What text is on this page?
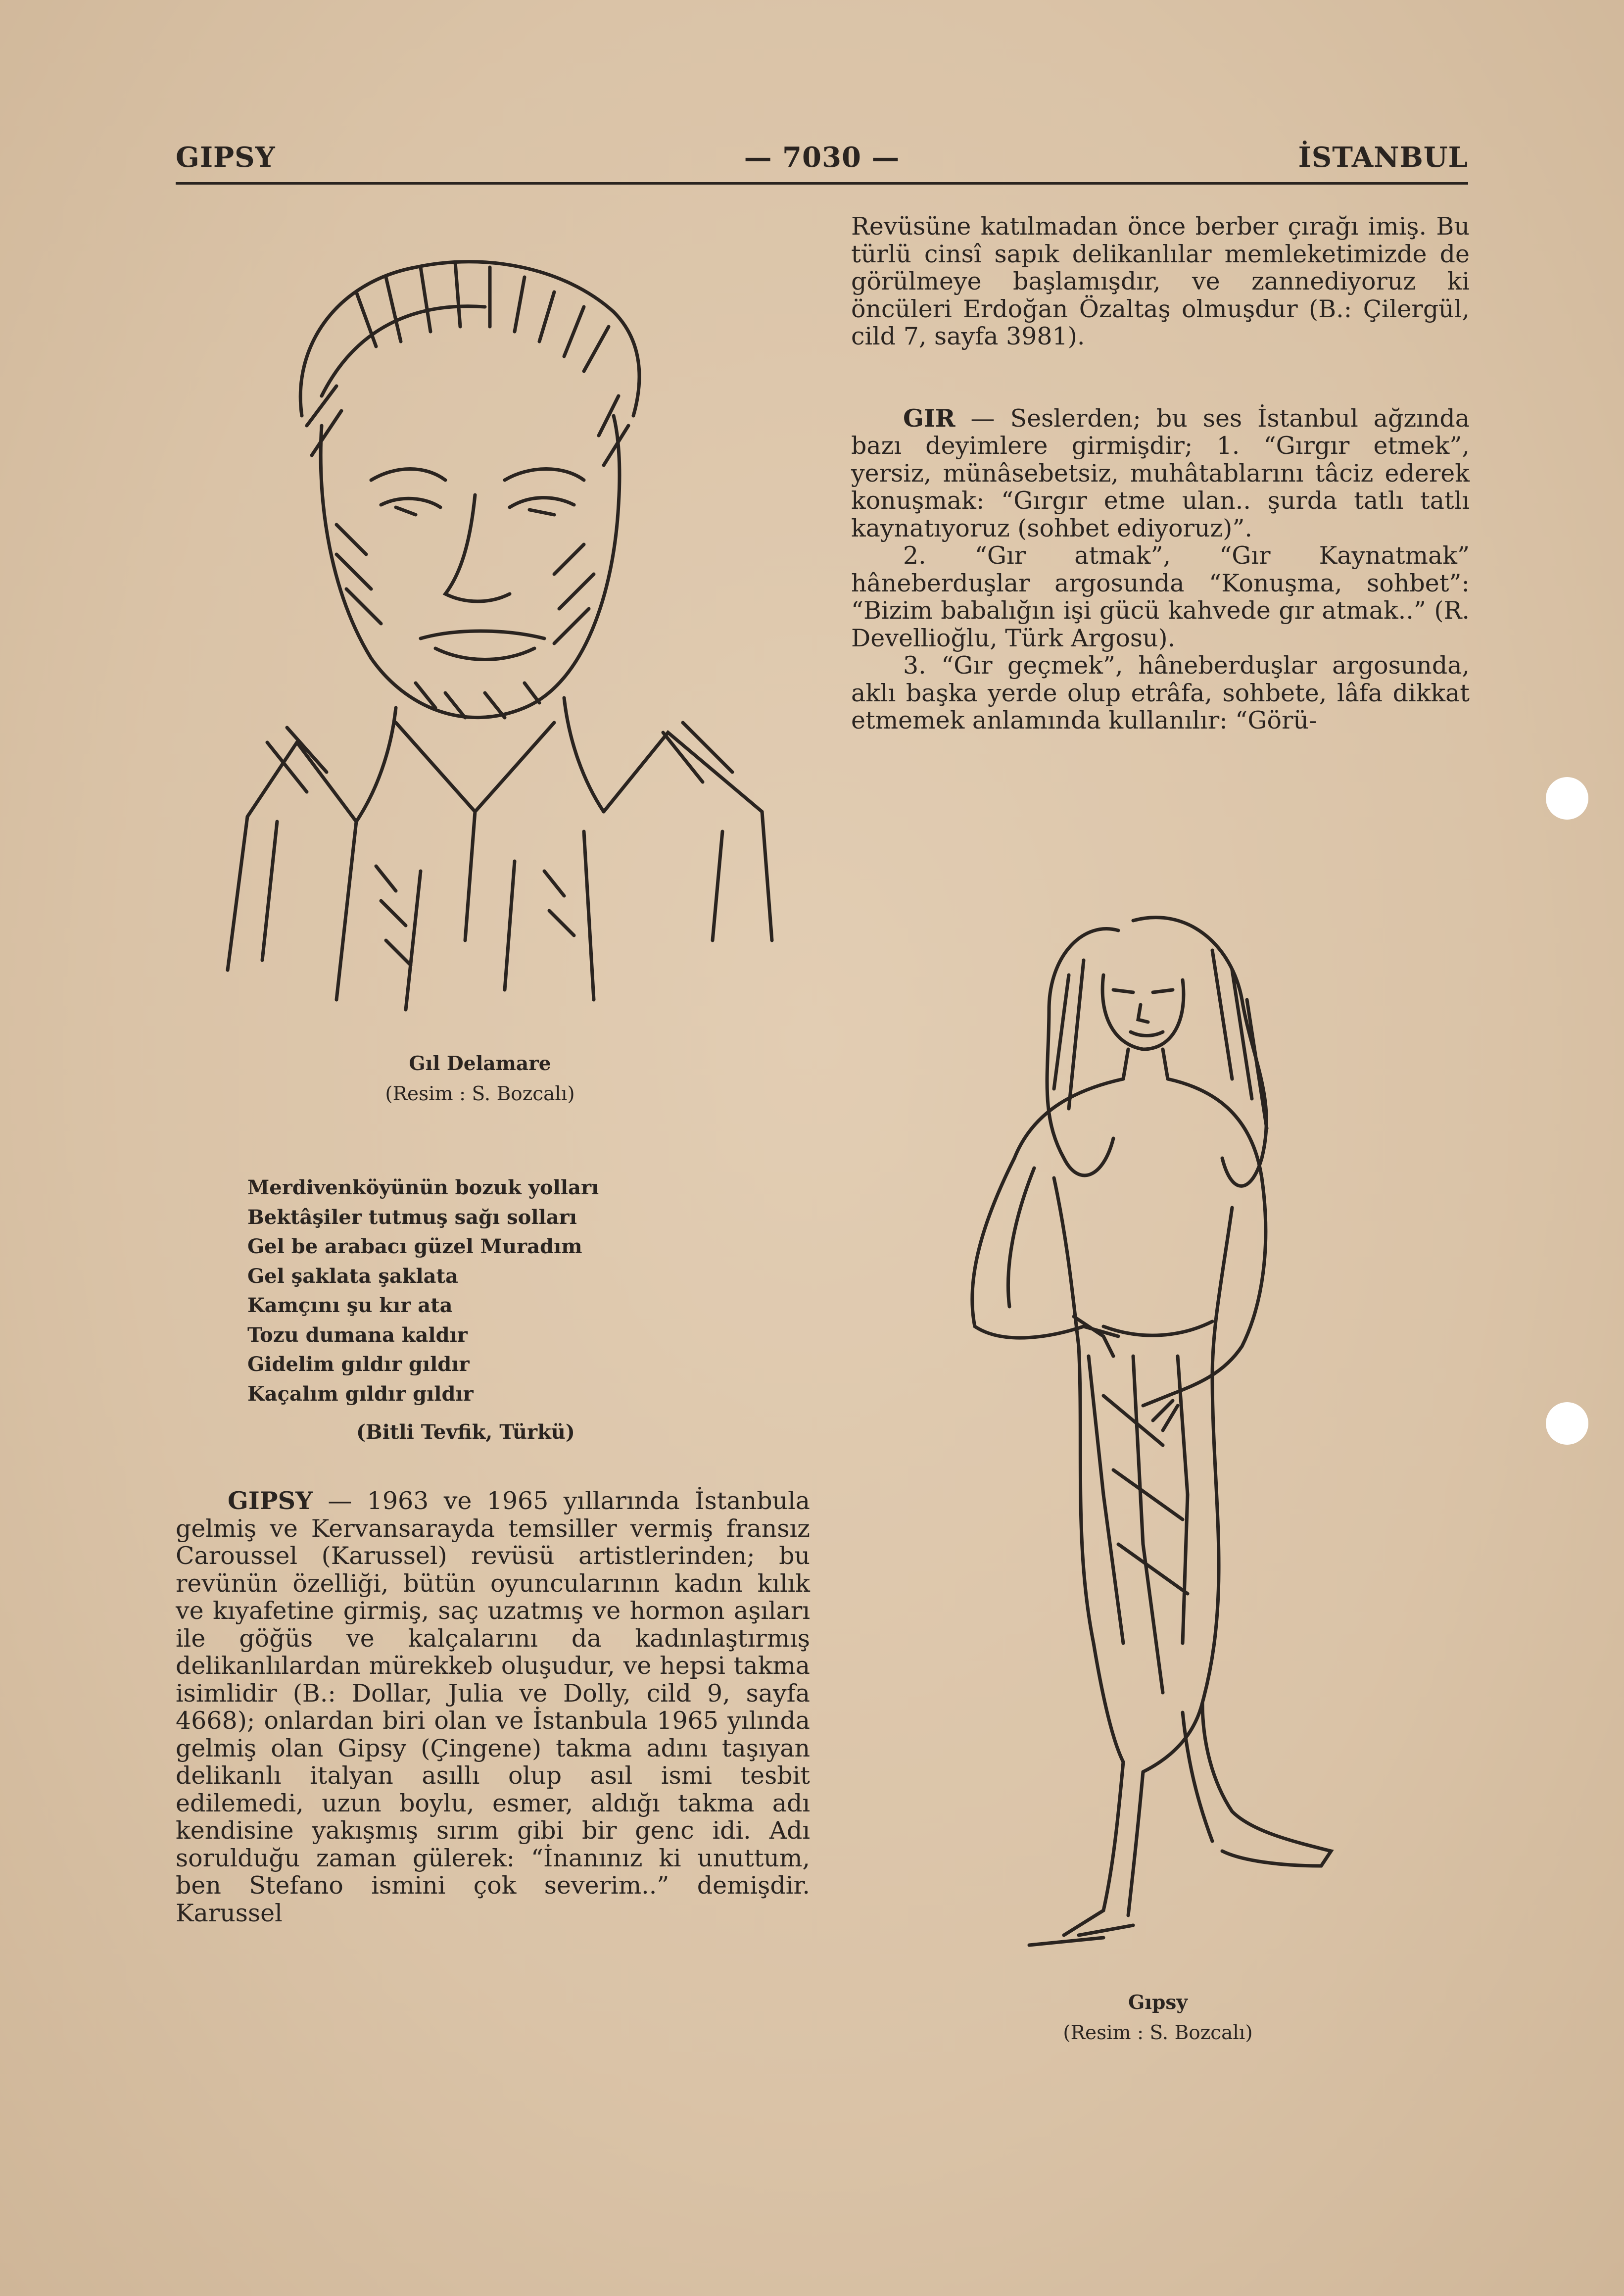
GIPSY	— 7030 —	İSTANBUL

Revüsüne katılmadan önce berber çırağı imiş. Bu türlü cinsî sapık delikanlılar memleketimizde de görülmeye başlamışdır, ve zannediyoruz ki öncüleri Erdoğan Özaltaş olmuşdur (B.: Çilergül, cild 7, sayfa 3981).

GIR — Seslerden; bu ses İstanbul ağzında bazı deyimlere girmişdir; 1. “Gırgır etmek”, yersiz, münâsebetsiz, muhâtablarını tâciz ederek konuşmak: “Gırgır etme ulan.. şurda tatlı tatlı kaynatıyoruz (sohbet ediyoruz)”.

2. “Gır atmak”, “Gır Kaynatmak” hâneberduşlar argosunda “Konuşma, sohbet”: “Bizim babalığın işi gücü kahvede gır atmak..” (R. Devellioğlu, Türk Argosu).

3. “Gır geçmek”, hâneberduşlar argosunda, aklı başka yerde olup etrâfa, sohbete, lâfa dikkat etmemek anlamında kullanılır: “Görü-

Gıl Delamare
(Resim : S. Bozcalı)
Merdivenköyünün bozuk yolları
Bektâşiler tutmuş sağı solları
Gel be arabacı güzel Muradım
Gel şaklata şaklata
Kamçını şu kır ata
Tozu dumana kaldır
Gidelim gıldır gıldır
Kaçalım gıldır gıldır
(Bitli Tevfik, Türkü)

GIPSY — 1963 ve 1965 yıllarında İstanbula gelmiş ve Kervansarayda temsiller vermiş fransız Caroussel (Karussel) revüsü artistlerinden; bu revünün özelliği, bütün oyuncularının kadın kılık ve kıyafetine girmiş, saç uzatmış ve hormon aşıları ile göğüs ve kalçalarını da kadınlaştırmış delikanlılardan mürekkeb oluşudur, ve hepsi takma isimlidir (B.: Dollar, Julia ve Dolly, cild 9, sayfa 4668); onlardan biri olan ve İstanbula 1965 yılında gelmiş olan Gipsy (Çingene) takma adını taşıyan delikanlı italyan asıllı olup asıl ismi tesbit edilemedi, uzun boylu, esmer, aldığı takma adı kendisine yakışmış sırım gibi bir genc idi. Adı sorulduğu zaman gülerek: “İnanınız ki unuttum, ben Stefano ismini çok severim..” demişdir. Karussel

Gıpsy
(Resim : S. Bozcalı)
